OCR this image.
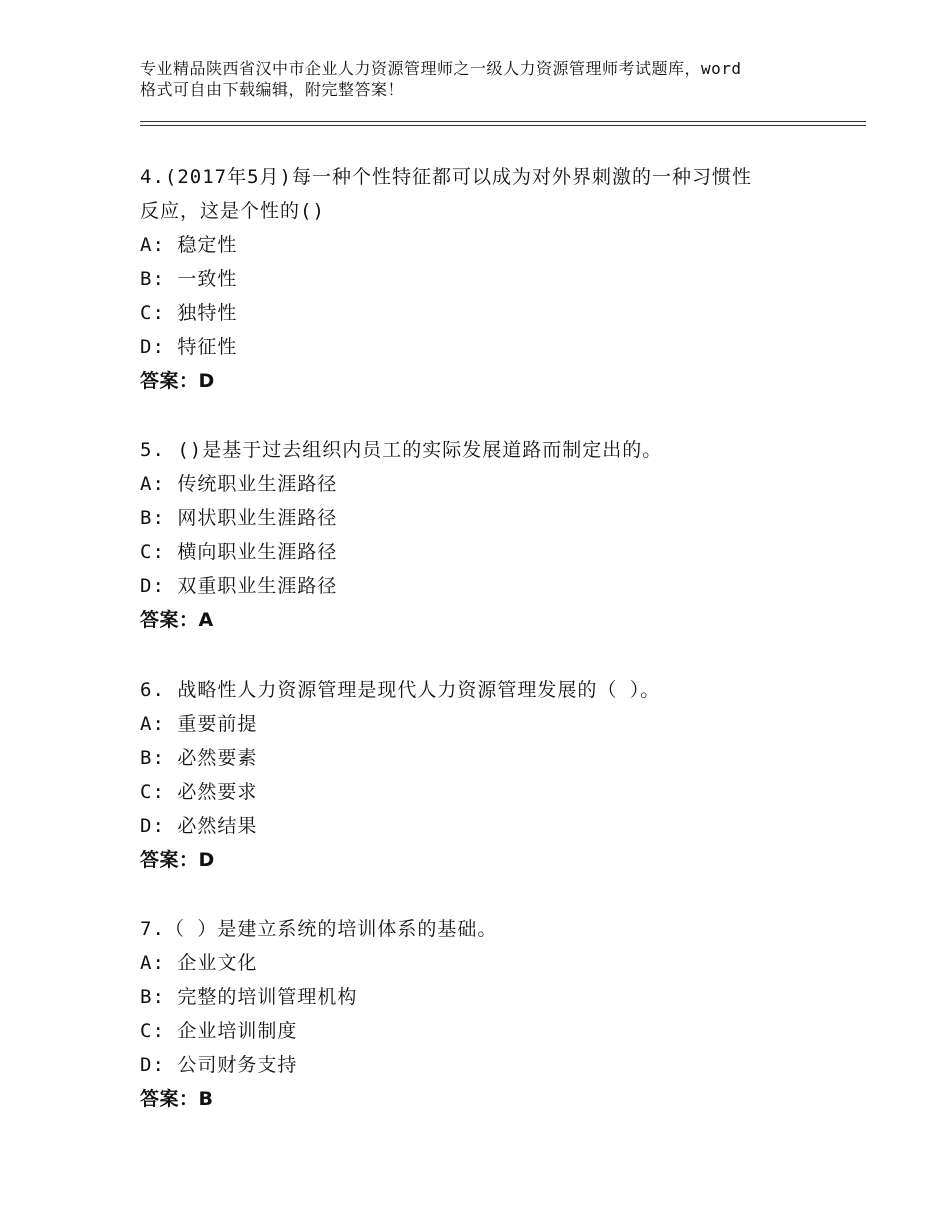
专业精品陕西省汉中市企业人力资源管理师之一级人力资源管理师考试题库，word
格式可自由下载编辑，附完整答案！
4.(2017年5月)每一种个性特征都可以成为对外界刺激的一种习惯性
反应，这是个性的()
A: 稳定性
B: 一致性
C: 独特性
D: 特征性
答案：D
5. ()是基于过去组织内员工的实际发展道路而制定出的。
A: 传统职业生涯路径
B: 网状职业生涯路径
C: 横向职业生涯路径
D: 双重职业生涯路径
答案：A
6. 战略性人力资源管理是现代人力资源管理发展的（ ）。
A: 重要前提
B: 必然要素
C: 必然要求
D: 必然结果
答案：D
7.（ ）是建立系统的培训体系的基础。
A: 企业文化
B: 完整的培训管理机构
C: 企业培训制度
D: 公司财务支持
答案：B
